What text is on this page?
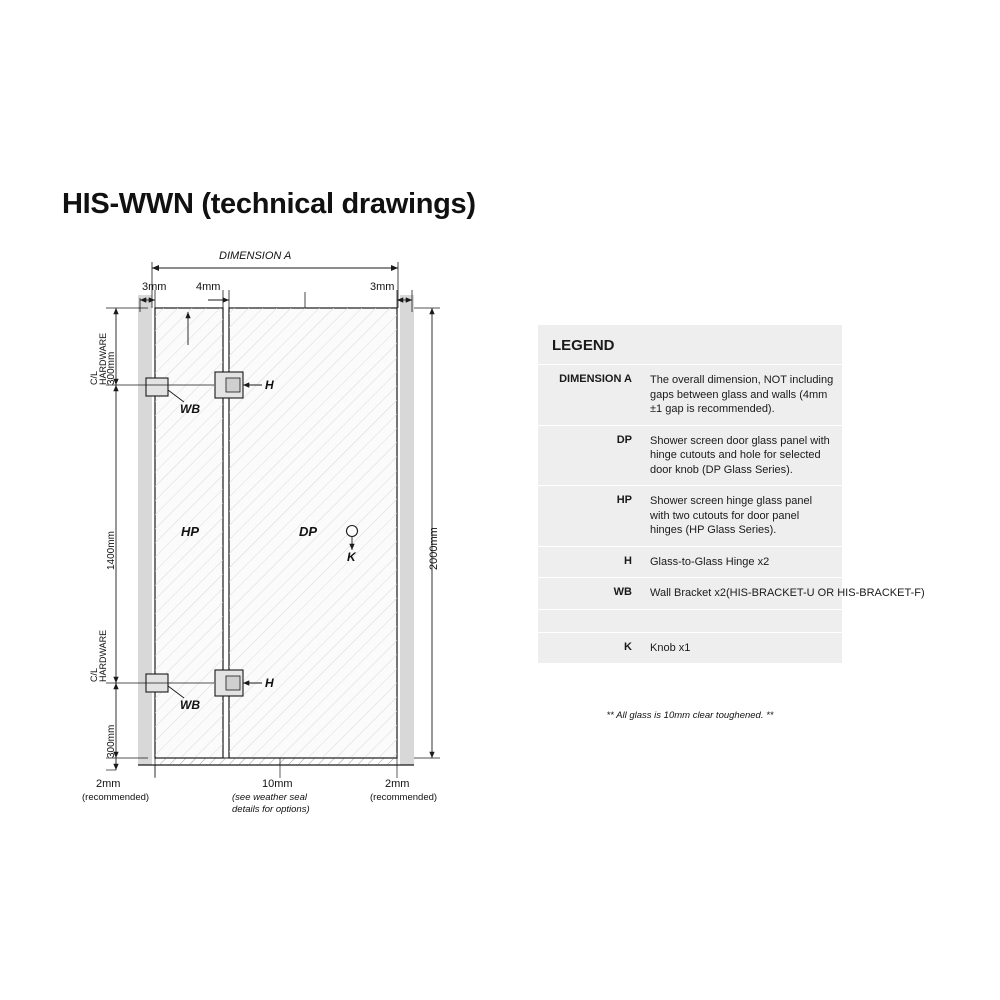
HIS-WWN (technical drawings)
DIMENSION A
3mm	4mm	3mm
C/L
HARDWARE
300mm
1400mm
C/L
HARDWARE
300mm
2000mm
HP	DP
K
H
H
WB
WB
2mm
(recommended)
10mm
(see weather seal
details for options)
2mm
(recommended)
LEGEND
DIMENSION A	The overall dimension, NOT including gaps between glass and walls (4mm ±1 gap is recommended).
DP	Shower screen door glass panel with hinge cutouts and hole for selected door knob (DP Glass Series).
HP	Shower screen hinge glass panel with two cutouts for door panel hinges (HP Glass Series).
H	Glass-to-Glass Hinge x2
WB	Wall Bracket x2(HIS-BRACKET-U OR HIS-BRACKET-F)
K	Knob x1
** All glass is 10mm clear toughened. **
